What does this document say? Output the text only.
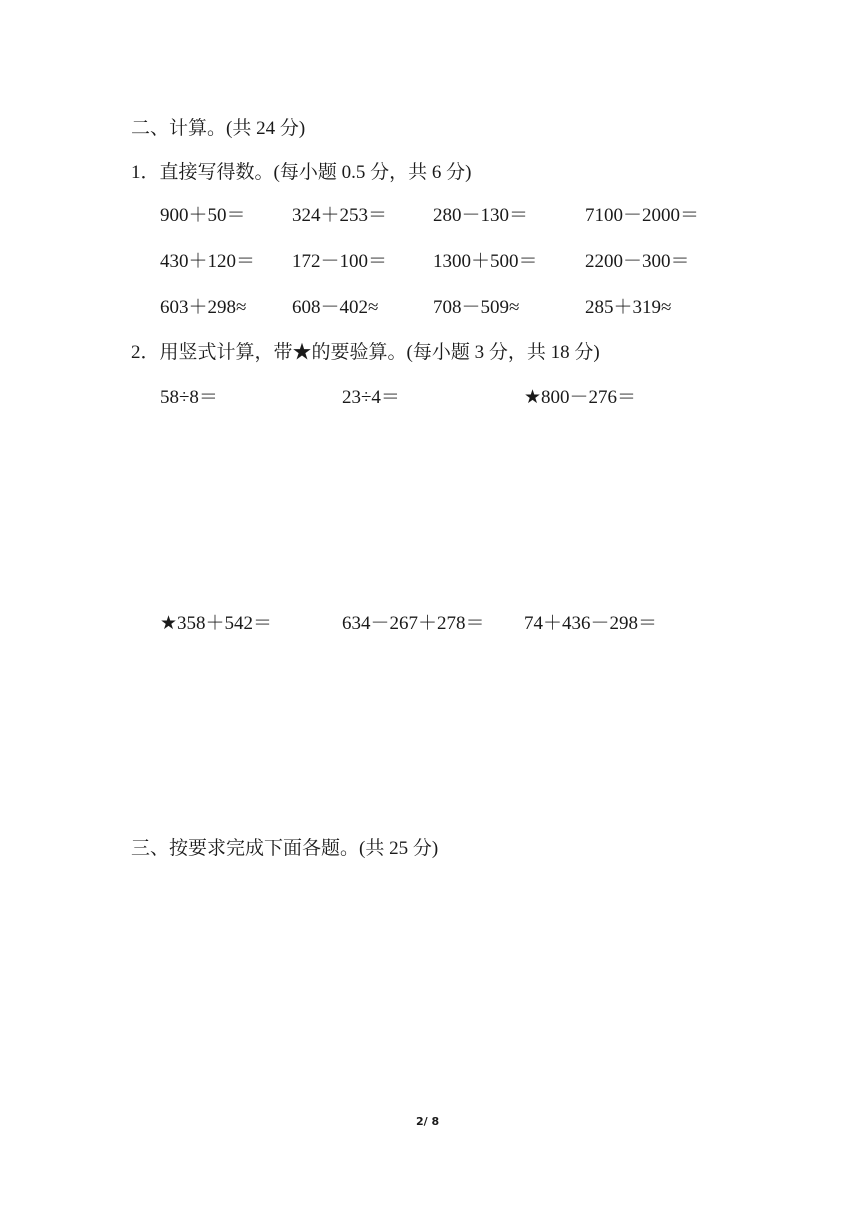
二、计算。(共 24 分)
1．直接写得数。(每小题 0.5 分，共 6 分)
900＋50＝ 324＋253＝ 280－130＝	7100－2000＝
430＋120＝ 172－100＝ 1300＋500＝ 2200－300＝
603＋298≈ 608－402≈	708－509≈	285＋319≈
2．用竖式计算，带★的要验算。(每小题 3 分，共 18 分)
58÷8＝	23÷4＝	★800－276＝
★358＋542＝	634－267＋278＝ 74＋436－298＝
三、按要求完成下面各题。(共 25 分)
2/ 8
